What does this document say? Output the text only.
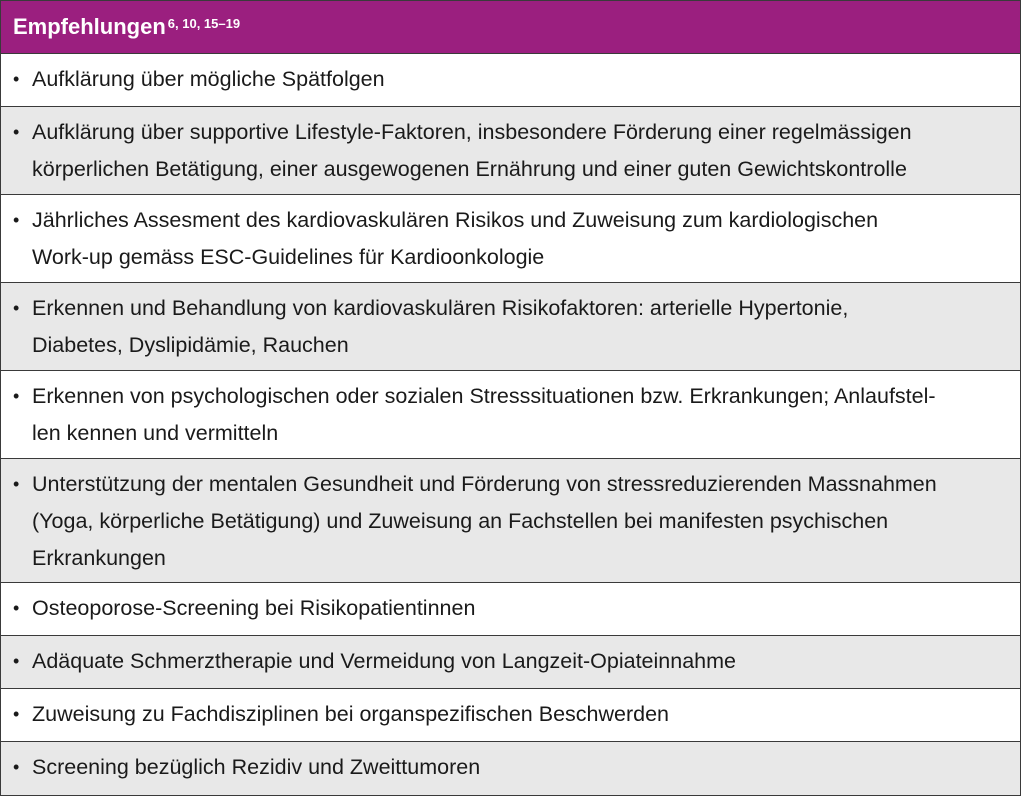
Empfehlungen$^{6, 10, 15-19}$
• Aufklärung über mögliche Spätfolgen
• Aufklärung über supportive Lifestyle-Faktoren, insbesondere Förderung einer regelmässigen
körperlichen Betätigung, einer ausgewogenen Ernährung und einer guten Gewichtskontrolle
• Jährliches Assesment des kardiovaskulären Risikos und Zuweisung zum kardiologischen
Work-up gemäss ESC-Guidelines für Kardioonkologie
• Erkennen und Behandlung von kardiovaskulären Risikofaktoren: arterielle Hypertonie,
Diabetes, Dyslipidämie, Rauchen
• Erkennen von psychologischen oder sozialen Stresssituationen bzw. Erkrankungen; Anlaufstel-
len kennen und vermitteln
• Unterstützung der mentalen Gesundheit und Förderung von stressreduzierenden Massnahmen
(Yoga, körperliche Betätigung) und Zuweisung an Fachstellen bei manifesten psychischen
Erkrankungen
• Osteoporose-Screening bei Risikopatientinnen
• Adäquate Schmerztherapie und Vermeidung von Langzeit-Opiateinnahme
• Zuweisung zu Fachdisziplinen bei organspezifischen Beschwerden
• Screening bezüglich Rezidiv und Zweittumoren
